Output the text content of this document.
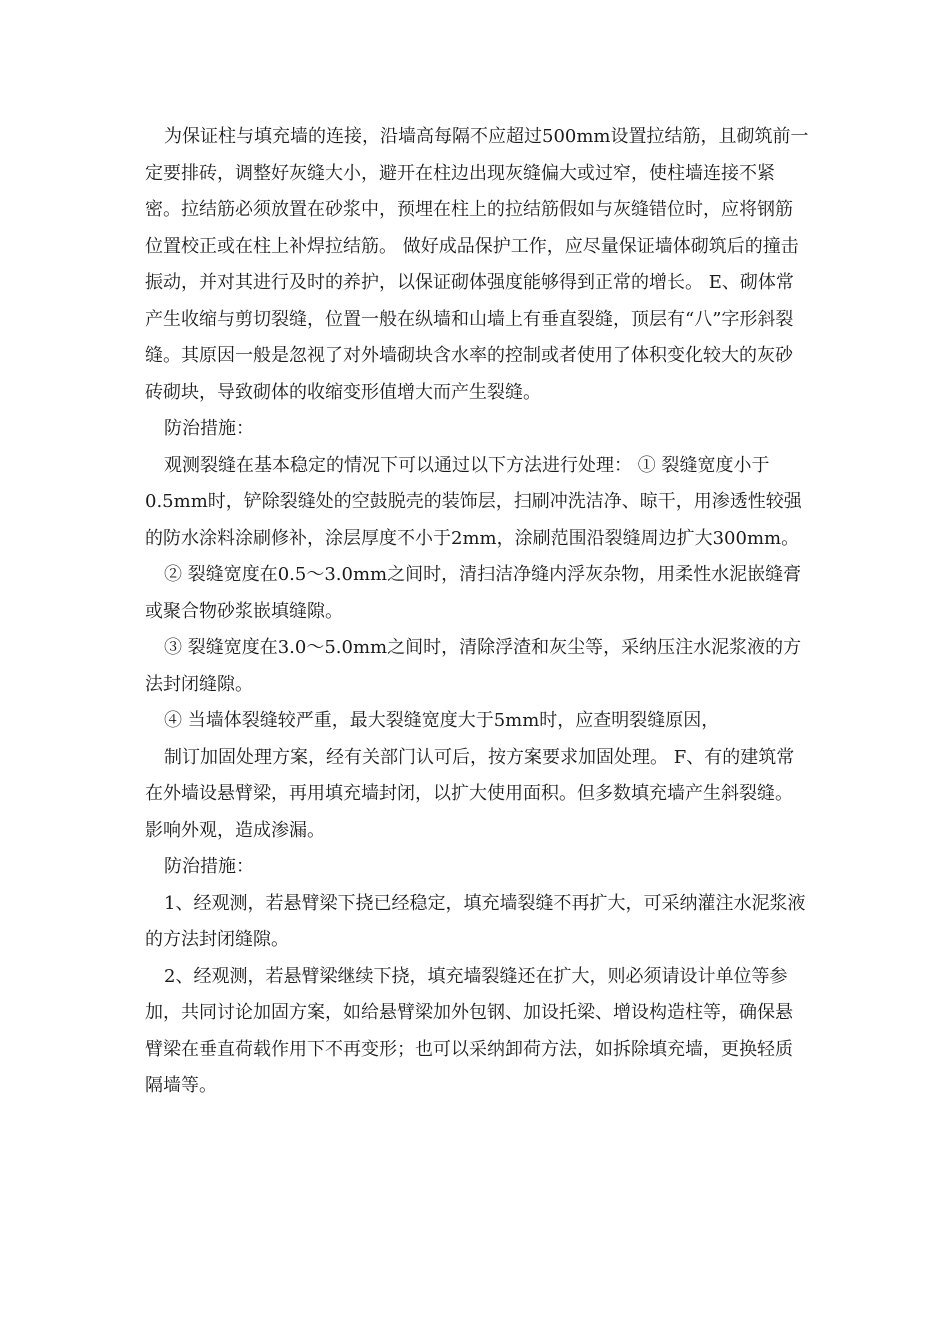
为保证柱与填充墙的连接，沿墙高每隔不应超过500mm设置拉结筋，且砌筑前一定要排砖，调整好灰缝大小，避开在柱边出现灰缝偏大或过窄，使柱墙连接不紧密。拉结筋必须放置在砂浆中，预埋在柱上的拉结筋假如与灰缝错位时，应将钢筋位置校正或在柱上补焊拉结筋。 做好成品保护工作，应尽量保证墙体砌筑后的撞击振动，并对其进行及时的养护，以保证砌体强度能够得到正常的增长。 E、砌体常产生收缩与剪切裂缝，位置一般在纵墙和山墙上有垂直裂缝，顶层有“八”字形斜裂缝。其原因一般是忽视了对外墙砌块含水率的控制或者使用了体积变化较大的灰砂砖砌块，导致砌体的收缩变形值增大而产生裂缝。

防治措施：

观测裂缝在基本稳定的情况下可以通过以下方法进行处理： ① 裂缝宽度小于0.5mm时，铲除裂缝处的空鼓脱壳的装饰层，扫刷冲洗洁净、晾干，用渗透性较强的防水涂料涂刷修补，涂层厚度不小于2mm，涂刷范围沿裂缝周边扩大300mm。

② 裂缝宽度在0.5～3.0mm之间时，清扫洁净缝内浮灰杂物，用柔性水泥嵌缝膏或聚合物砂浆嵌填缝隙。

③ 裂缝宽度在3.0～5.0mm之间时，清除浮渣和灰尘等，采纳压注水泥浆液的方法封闭缝隙。

④ 当墙体裂缝较严重，最大裂缝宽度大于5mm时，应查明裂缝原因，

制订加固处理方案，经有关部门认可后，按方案要求加固处理。 F、有的建筑常在外墙设悬臂梁，再用填充墙封闭，以扩大使用面积。但多数填充墙产生斜裂缝。影响外观，造成渗漏。

防治措施：

1、经观测，若悬臂梁下挠已经稳定，填充墙裂缝不再扩大，可采纳灌注水泥浆液的方法封闭缝隙。

2、经观测，若悬臂梁继续下挠，填充墙裂缝还在扩大，则必须请设计单位等参加，共同讨论加固方案，如给悬臂梁加外包钢、加设托梁、增设构造柱等，确保悬臂梁在垂直荷载作用下不再变形；也可以采纳卸荷方法，如拆除填充墙，更换轻质隔墙等。
